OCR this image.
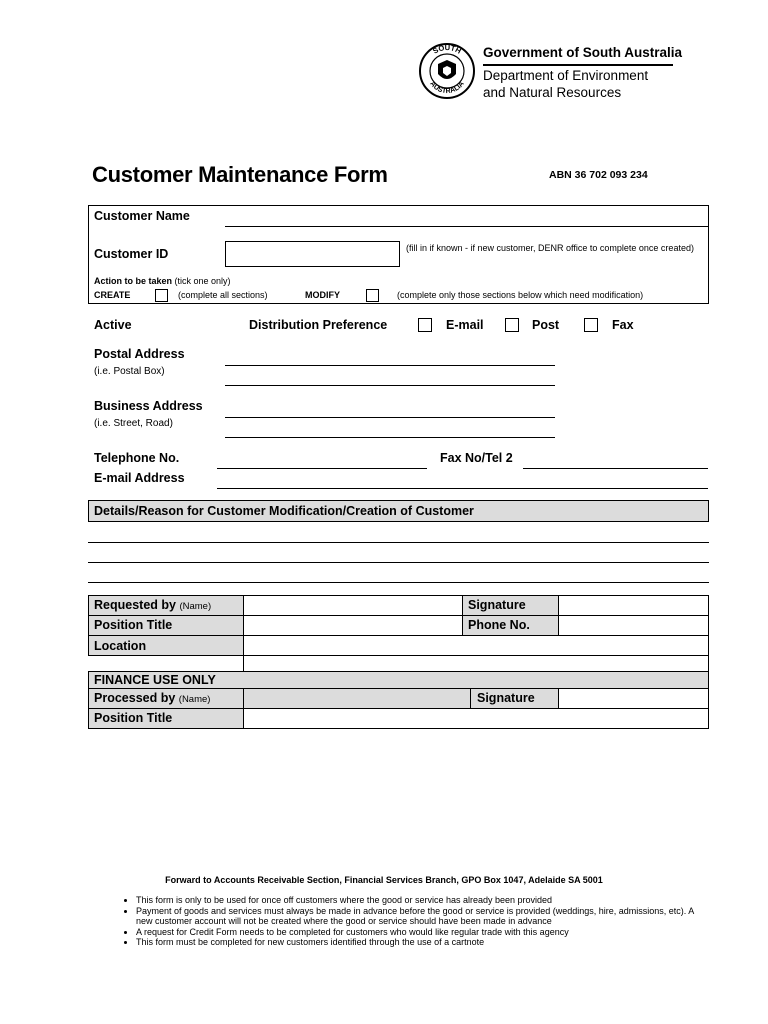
SOUTH
AUSTRALIA
Government of South Australia
Department of Environment
and Natural Resources
Customer Maintenance Form	ABN 36 702 093 234
Customer Name
Customer ID	(fill in if known - if new customer, DENR office to complete once created)
Action to be taken (tick one only)
CREATE	(complete all sections)	MODIFY	(complete only those sections below which need modification)
Active	Distribution Preference	E-mail	Post	Fax
Postal Address
(i.e. Postal Box)
Business Address
(i.e. Street, Road)
Telephone No.	Fax No/Tel 2
E-mail Address
Details/Reason for Customer Modification/Creation of Customer
Requested by (Name)	Signature
Position Title	Phone No.
Location
FINANCE USE ONLY
Processed by (Name)	Signature
Position Title
Forward to Accounts Receivable Section, Financial Services Branch, GPO Box 1047, Adelaide SA 5001
• This form is only to be used for once off customers where the good or service has already been provided
• Payment of goods and services must always be made in advance before the good or service is provided (weddings, hire, admissions, etc). A new customer account will not be created where the good or service should have been made in advance
• A request for Credit Form needs to be completed for customers who would like regular trade with this agency
• This form must be completed for new customers identified through the use of a cartnote
